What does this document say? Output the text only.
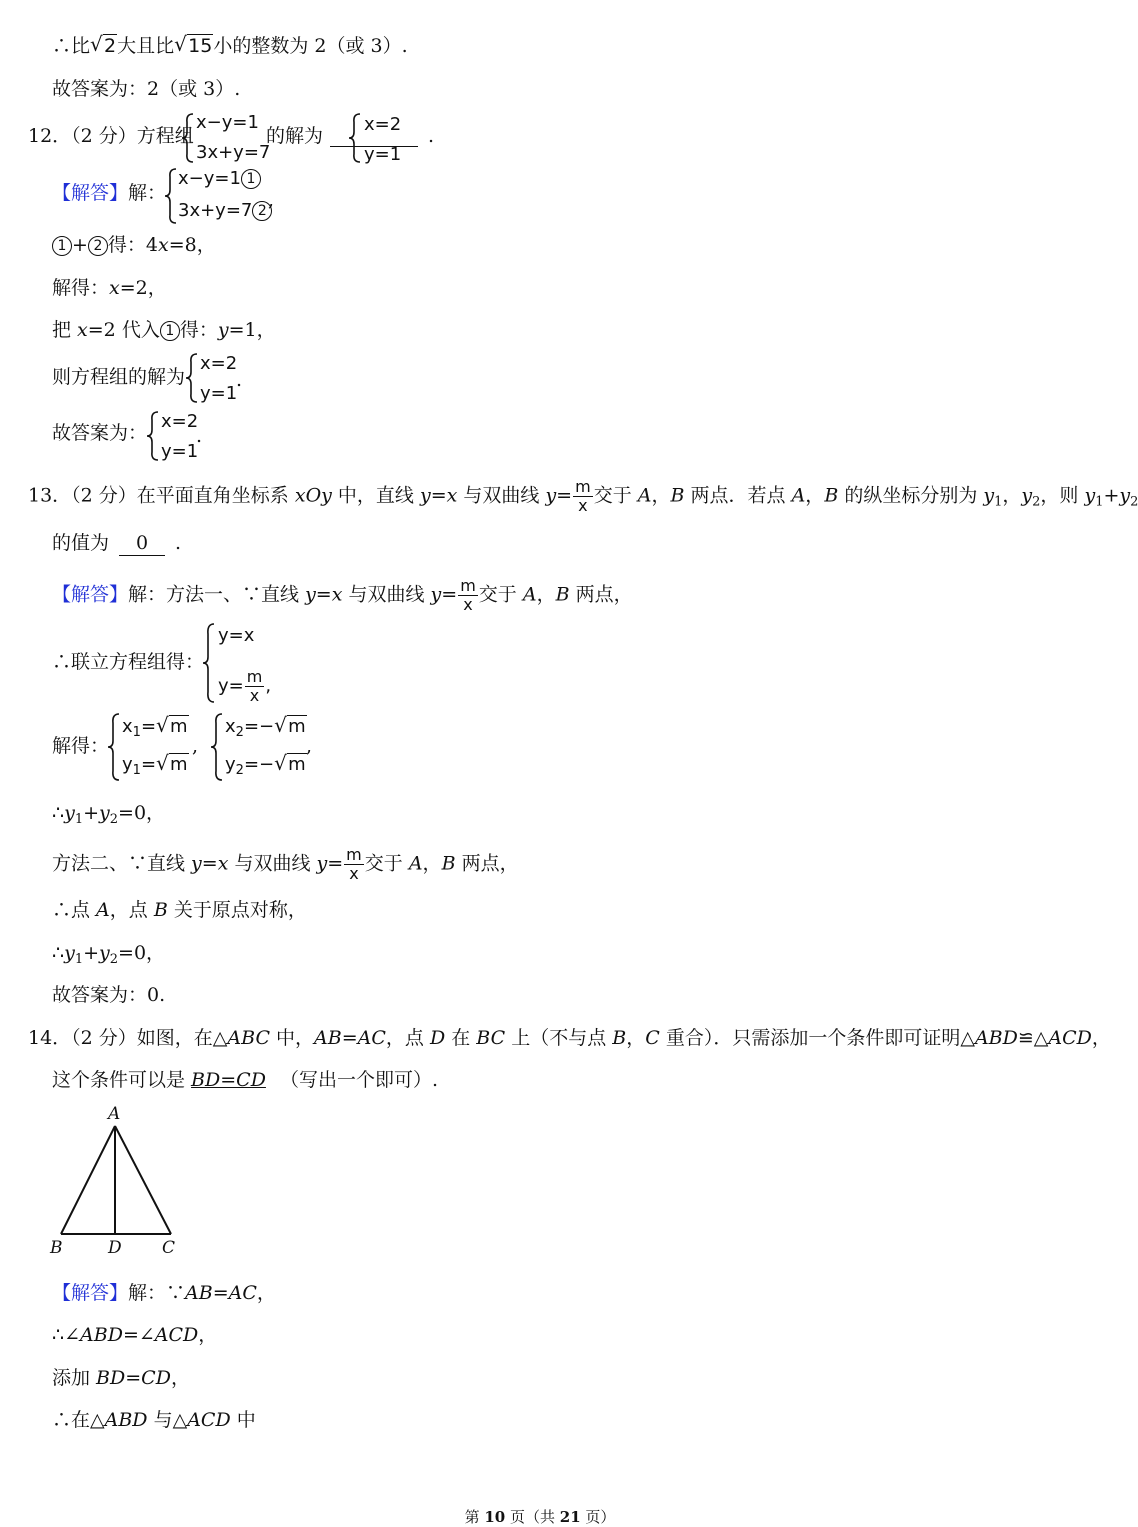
∴比√ 2大且比√ 15小的整数为 2（或 3）.
故答案为：2（或 3）.
12．（2 分）方程组
x−y=1
3x+y=7
的解为
x=2
y=1
.
【解答】解：
x−y=1 1
3x+y=7 2 ,
1 + 2 得：4x=8，
解得：x=2，
把 x=2 代入 1 得：y=1，
则方程组的解为
x=2
y=1
.
故答案为：
x=2
y=1
.
13．（2 分）在平面直角坐标系 xOy 中，直线 y=x 与双曲线 $y= \frac{m}{x}$ 交于 A，B 两点．若点 A，B 的纵坐标分别为 $y_1$，$y_2$，则 $y_1+y_2$
的值为 0 .
【解答】解：方法一、∵直线 y=x 与双曲线 $y= \frac{m}{x}$ 交于 A，B 两点，
∴联立方程组得：
y=x
$y= \frac{m}{x}$ ,
解得：
$x_1=√$ m
$y_1=√$ m
,
$x_2=-√$ m
$y_2=-√$ m
,
$\therefore y_1+y_2=0$，
方法二、∵直线 y=x 与双曲线 $y= \frac{m}{x}$ 交于 A，B 两点，
∴点 A，点 B 关于原点对称，
$\therefore y_1+y_2=0$，
故答案为：0.
14．（2 分）如图，在△ABC 中，AB=AC，点 D 在 BC 上（不与点 B，C 重合）．只需添加一个条件即可证明△ABD≌△ACD，
这个条件可以是 BD=CD （写出一个即可）.
A
B	D C
【解答】解：∵AB=AC，
∴∠ABD=∠ACD，
添加 BD=CD，
∴在△ABD 与△ACD 中
第 10 页（共 21 页）
